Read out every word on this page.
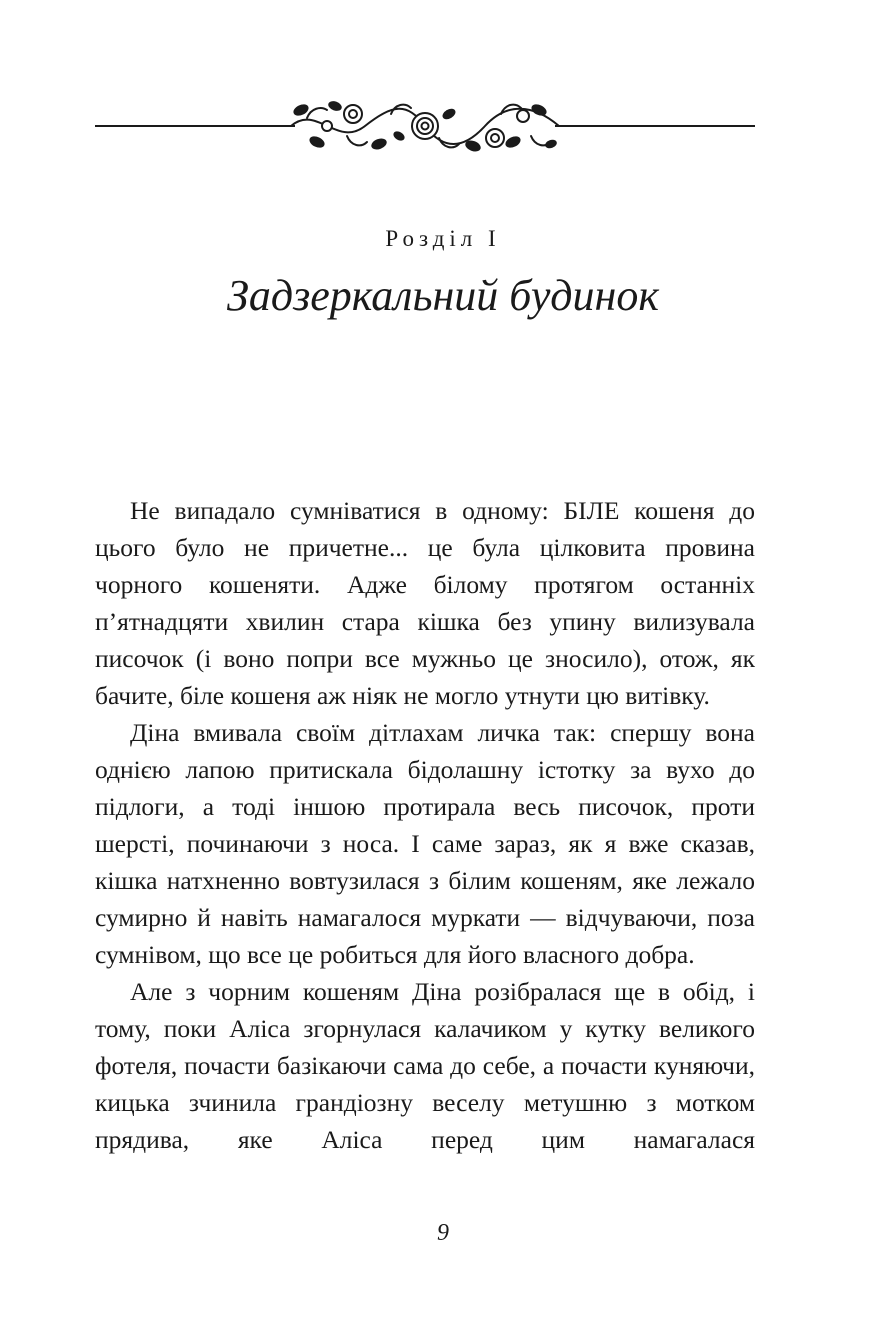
Розділ I
Задзеркальний будинок

Не випадало сумніватися в одному: БІЛЕ кошеня до цього було не причетне... це була цілковита провина чорного кошеняти. Адже білому протягом останніх п’ятнадцяти хвилин стара кішка без упину вилизувала писочок (і воно попри все мужньо це зносило), отож, як бачите, біле кошеня аж ніяк не могло утнути цю витівку.

Діна вмивала своїм дітлахам личка так: спершу вона однією лапою притискала бідолашну істотку за вухо до підлоги, а тоді іншою протирала весь писочок, проти шерсті, починаючи з носа. І саме зараз, як я вже сказав, кішка натхненно вовтузилася з білим кошеням, яке лежало сумирно й навіть намагалося муркати — відчуваючи, поза сумнівом, що все це робиться для його власного добра.

Але з чорним кошеням Діна розібралася ще в обід, і тому, поки Аліса згорнулася калачиком у кутку великого фотеля, почасти базікаючи сама до себе, а почасти куняючи, кицька зчинила грандіозну веселу метушню з мотком прядива, яке Аліса перед цим намагалася

9
